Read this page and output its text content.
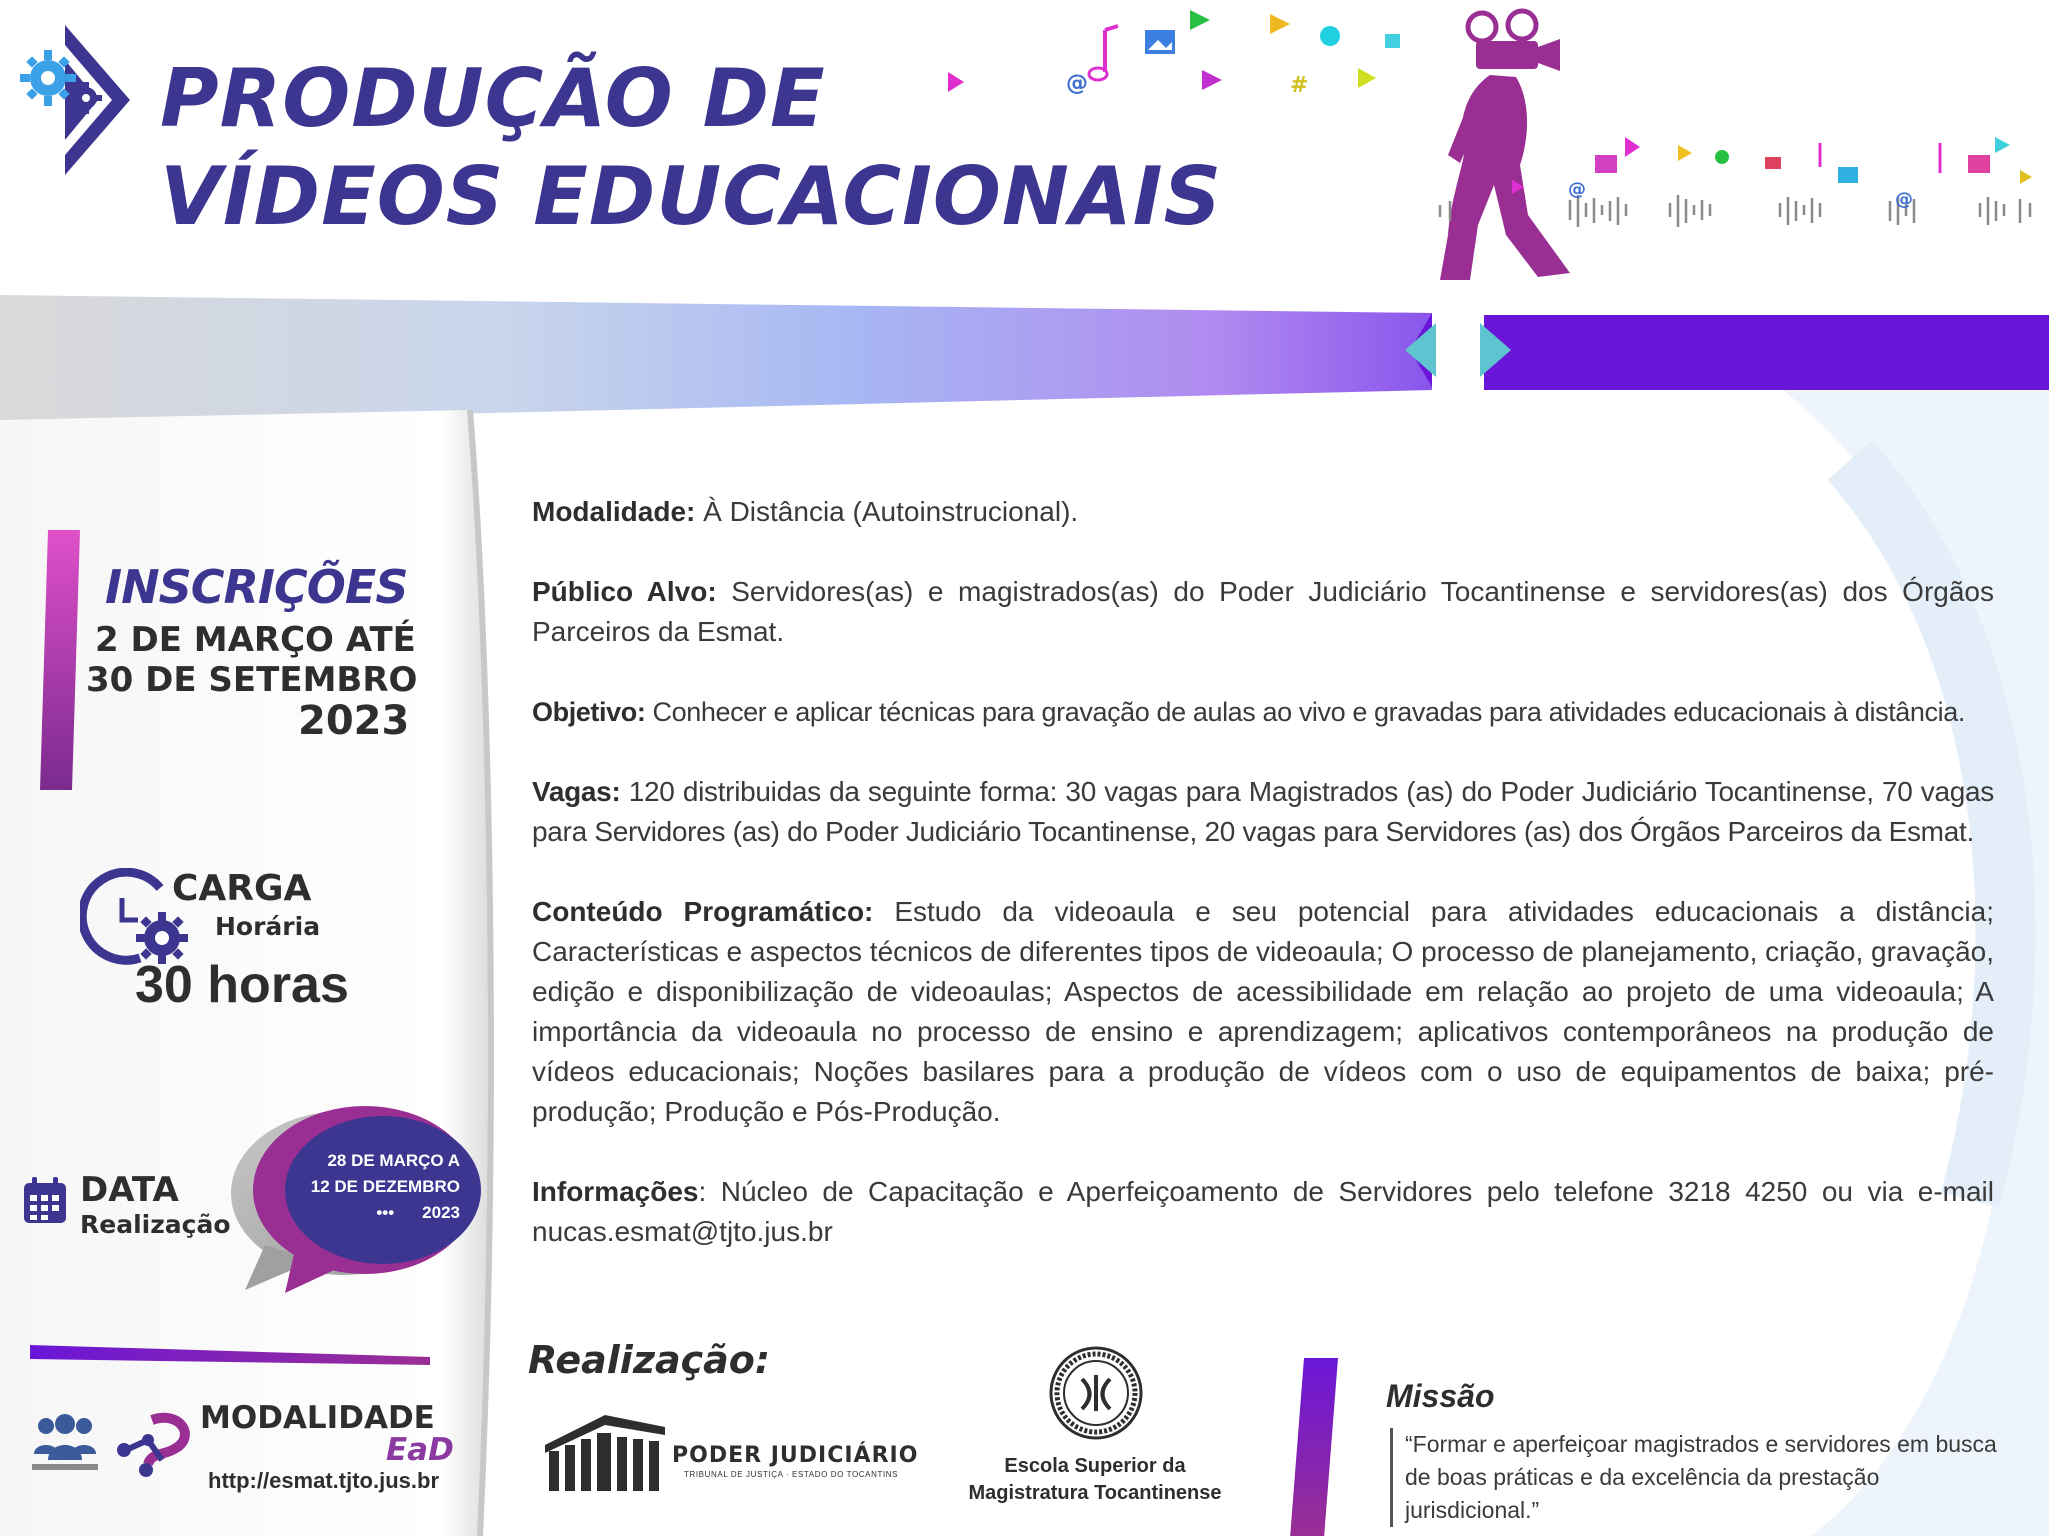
PRODUÇÃO DE
VÍDEOS EDUCACIONAIS
@	#
@
@
INSCRIÇÕES
2 DE MARÇO ATÉ
30 DE SETEMBRO
2023
CARGA
Horária
30 horas
DATA
Realização
28 DE MARÇO A
12 DE DEZEMBRO
••• 2023
MODALIDADE
EaD
http://esmat.tjto.jus.br

Modalidade: À Distância (Autoinstrucional).

Público Alvo: Servidores(as) e magistrados(as) do Poder Judiciário Tocantinense e servidores(as) dos Órgãos Parceiros da Esmat.

Objetivo: Conhecer e aplicar técnicas para gravação de aulas ao vivo e gravadas para atividades educacionais à distância.

Vagas: 120 distribuidas da seguinte forma: 30 vagas para Magistrados (as) do Poder Judiciário Tocantinense, 70 vagas para Servidores (as) do Poder Judiciário Tocantinense, 20 vagas para Servidores (as) dos Órgãos Parceiros da Esmat.

Conteúdo Programático: Estudo da videoaula e seu potencial para atividades educacionais a distância; Características e aspectos técnicos de diferentes tipos de videoaula; O processo de planejamento, criação, gravação, edição e disponibilização de videoaulas; Aspectos de acessibilidade em relação ao projeto de uma videoaula; A importância da videoaula no processo de ensino e aprendizagem; aplicativos contemporâneos na produção de vídeos educacionais; Noções basilares para a produção de vídeos com o uso de equipamentos de baixa; pré-produção; Produção e Pós-Produção.

Informações: Núcleo de Capacitação e Aperfeiçoamento de Servidores pelo telefone 3218 4250 ou via e-mail nucas.esmat@tjto.jus.br

Realização:
PODER JUDICIÁRIO
TRIBUNAL DE JUSTIÇA · ESTADO DO TOCANTINS	Escola Superior da
Magistratura Tocantinense
Missão
“Formar e aperfeiçoar magistrados e servidores em busca de boas práticas e da excelência da prestação jurisdicional.”
